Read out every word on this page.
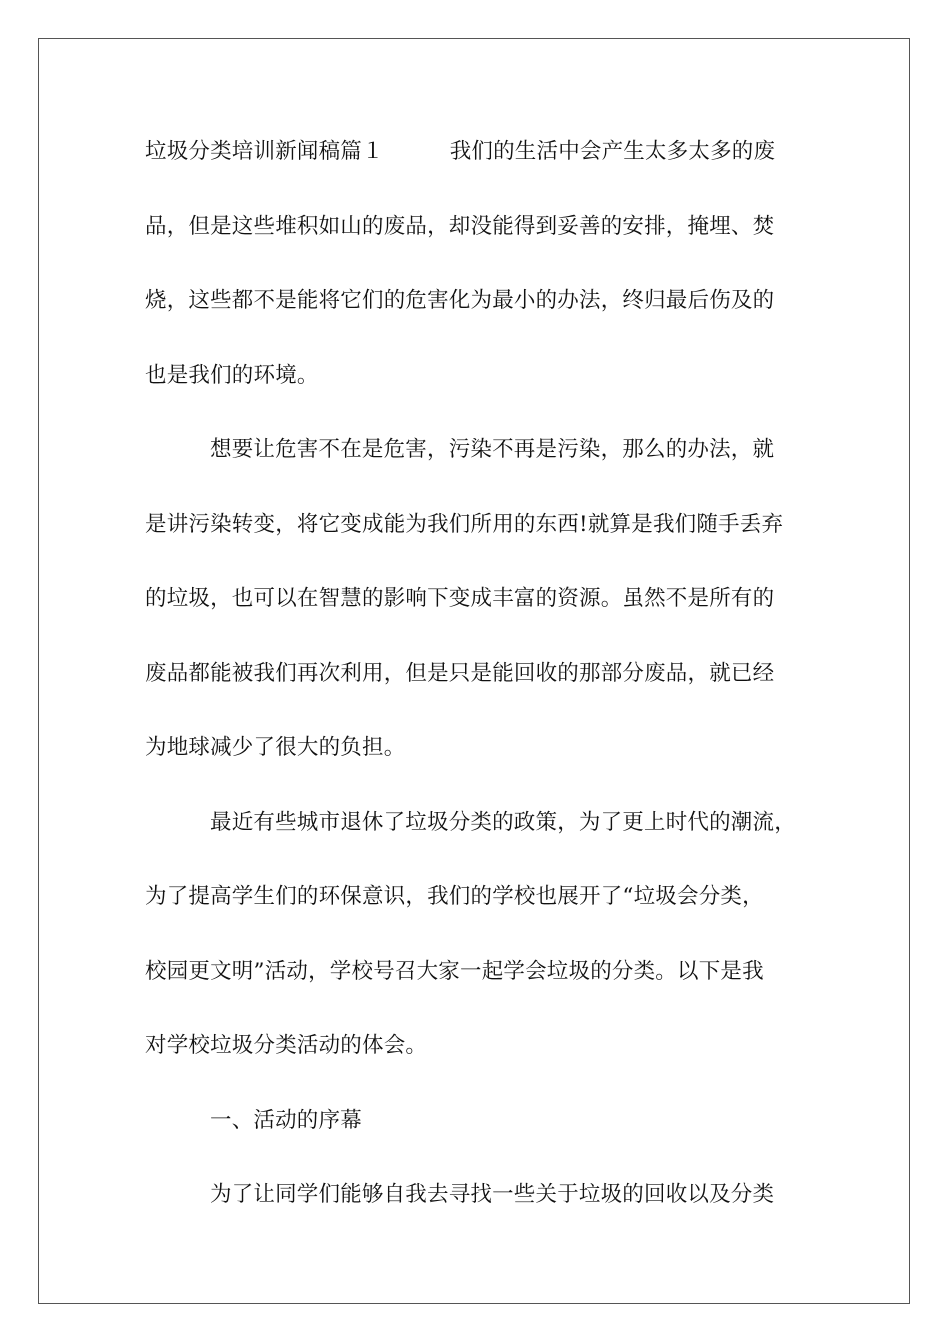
垃圾分类培训新闻稿篇１	我们的生活中会产生太多太多的废
品，但是这些堆积如山的废品，却没能得到妥善的安排，掩埋、焚
烧，这些都不是能将它们的危害化为最小的办法，终归最后伤及的
也是我们的环境。
想要让危害不在是危害，污染不再是污染，那么的办法，就
是讲污染转变，将它变成能为我们所用的东西!就算是我们随手丢弃
的垃圾，也可以在智慧的影响下变成丰富的资源。虽然不是所有的
废品都能被我们再次利用，但是只是能回收的那部分废品，就已经
为地球减少了很大的负担。
最近有些城市退休了垃圾分类的政策，为了更上时代的潮流，
为了提高学生们的环保意识，我们的学校也展开了“垃圾会分类，
校园更文明”活动，学校号召大家一起学会垃圾的分类。以下是我
对学校垃圾分类活动的体会。
一、活动的序幕
为了让同学们能够自我去寻找一些关于垃圾的回收以及分类
